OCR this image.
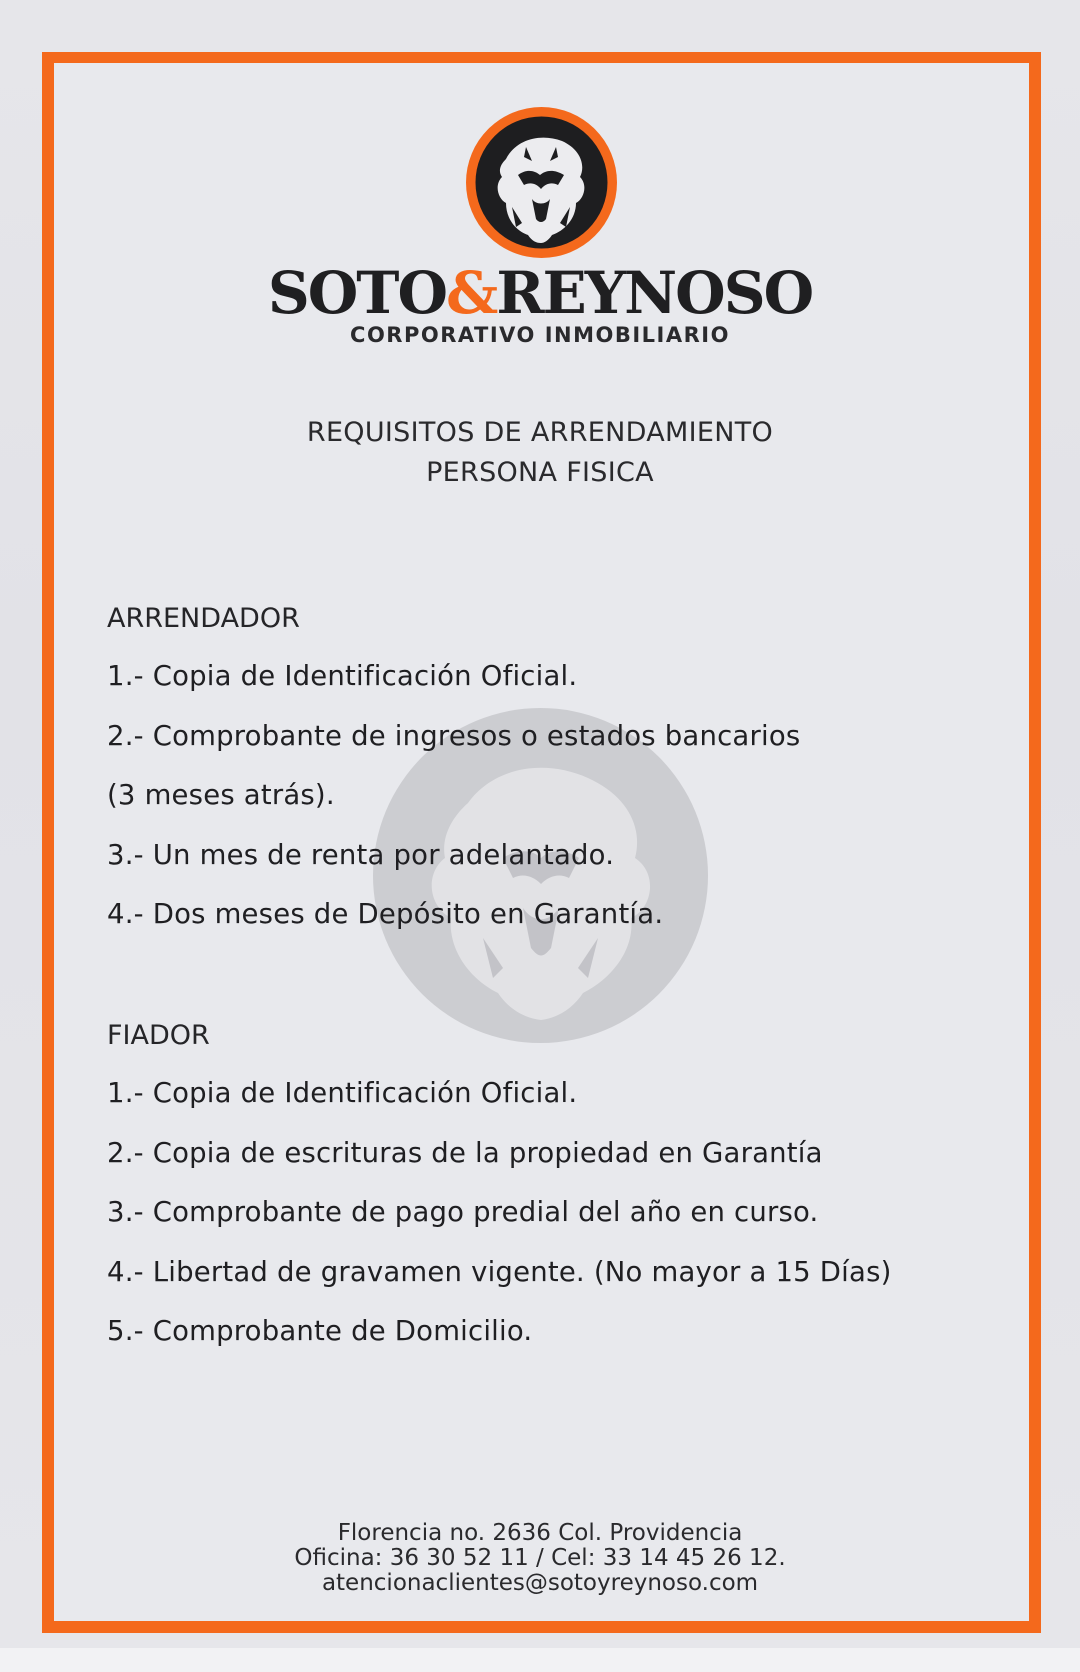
SOTO&REYNOSO
CORPORATIVO INMOBILIARIO
REQUISITOS DE ARRENDAMIENTO
PERSONA FISICA
ARRENDADOR
1.- Copia de Identificación Oficial.
2.- Comprobante de ingresos o estados bancarios
(3 meses atrás).
3.- Un mes de renta por adelantado.
4.- Dos meses de Depósito en Garantía.
FIADOR
1.- Copia de Identificación Oficial.
2.- Copia de escrituras de la propiedad en Garantía
3.- Comprobante de pago predial del año en curso.
4.- Libertad de gravamen vigente. (No mayor a 15 Días)
5.- Comprobante de Domicilio.
Florencia no. 2636 Col. Providencia
Oficina: 36 30 52 11 / Cel: 33 14 45 26 12.
atencionaclientes@sotoyreynoso.com
